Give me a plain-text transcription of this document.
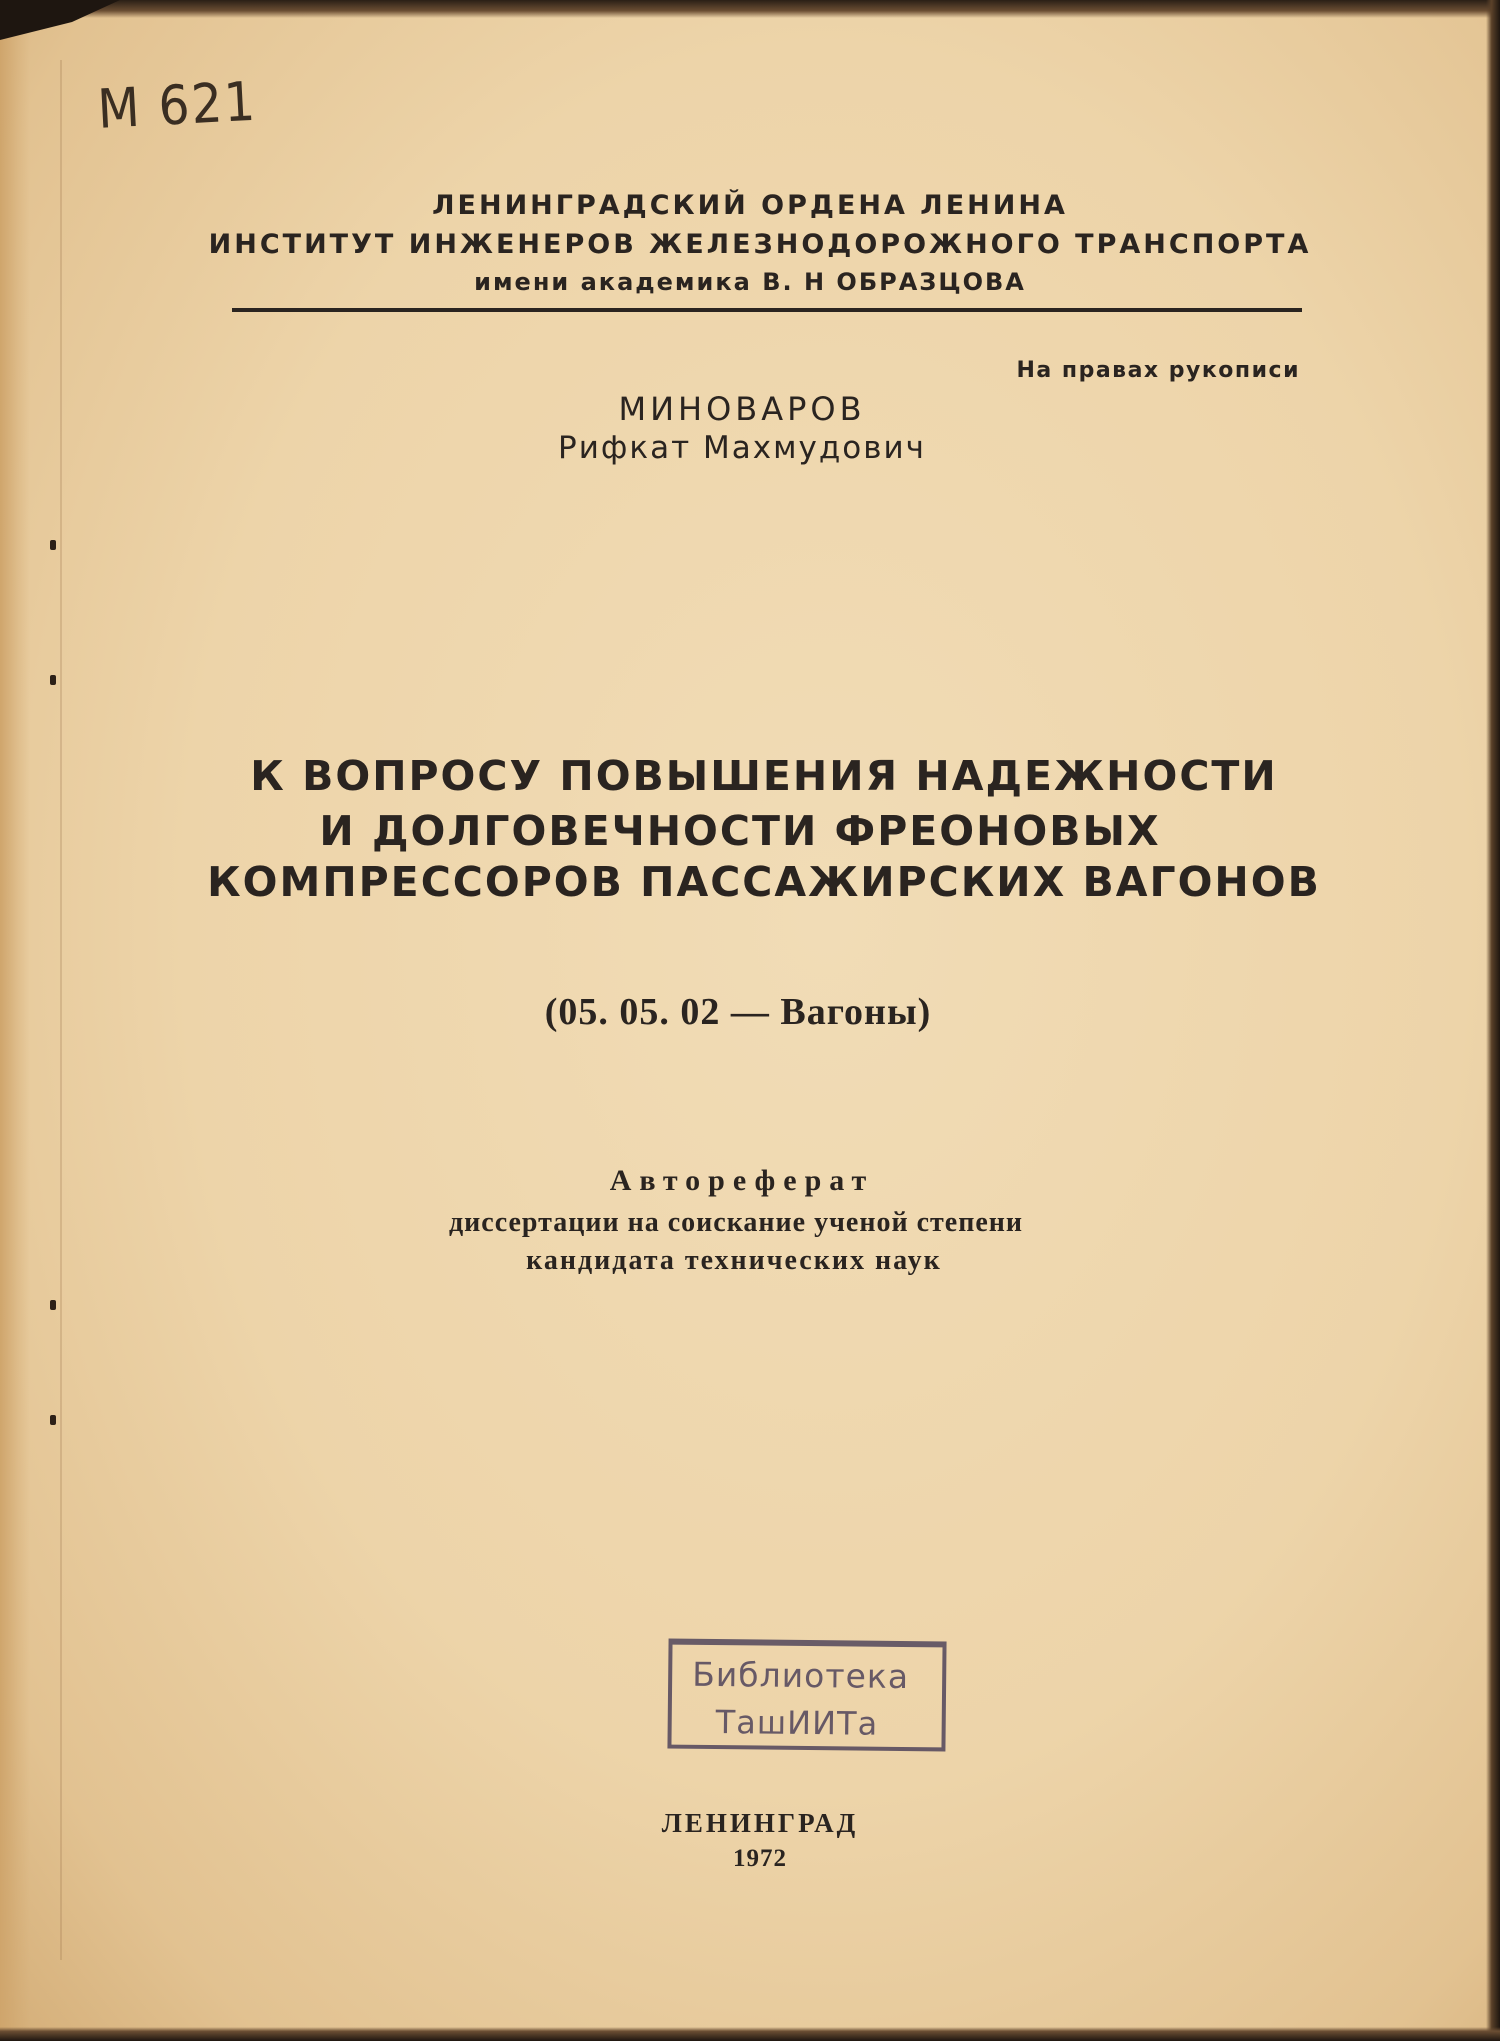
М 621
ЛЕНИНГРАДСКИЙ ОРДЕНА ЛЕНИНА
ИНСТИТУТ ИНЖЕНЕРОВ ЖЕЛЕЗНОДОРОЖНОГО ТРАНСПОРТА
имени академика В. Н ОБРАЗЦОВА
На правах рукописи
МИНОВАРОВ
Рифкат Махмудович
К ВОПРОСУ ПОВЫШЕНИЯ НАДЕЖНОСТИ
И ДОЛГОВЕЧНОСТИ ФРЕОНОВЫХ
КОМПРЕССОРОВ ПАССАЖИРСКИХ ВАГОНОВ
(05. 05. 02 — Вагоны)
Автореферат
диссертации на соискание ученой степени
кандидата технических наук
Библиотека
ТашИИТа
ЛЕНИНГРАД
1972
